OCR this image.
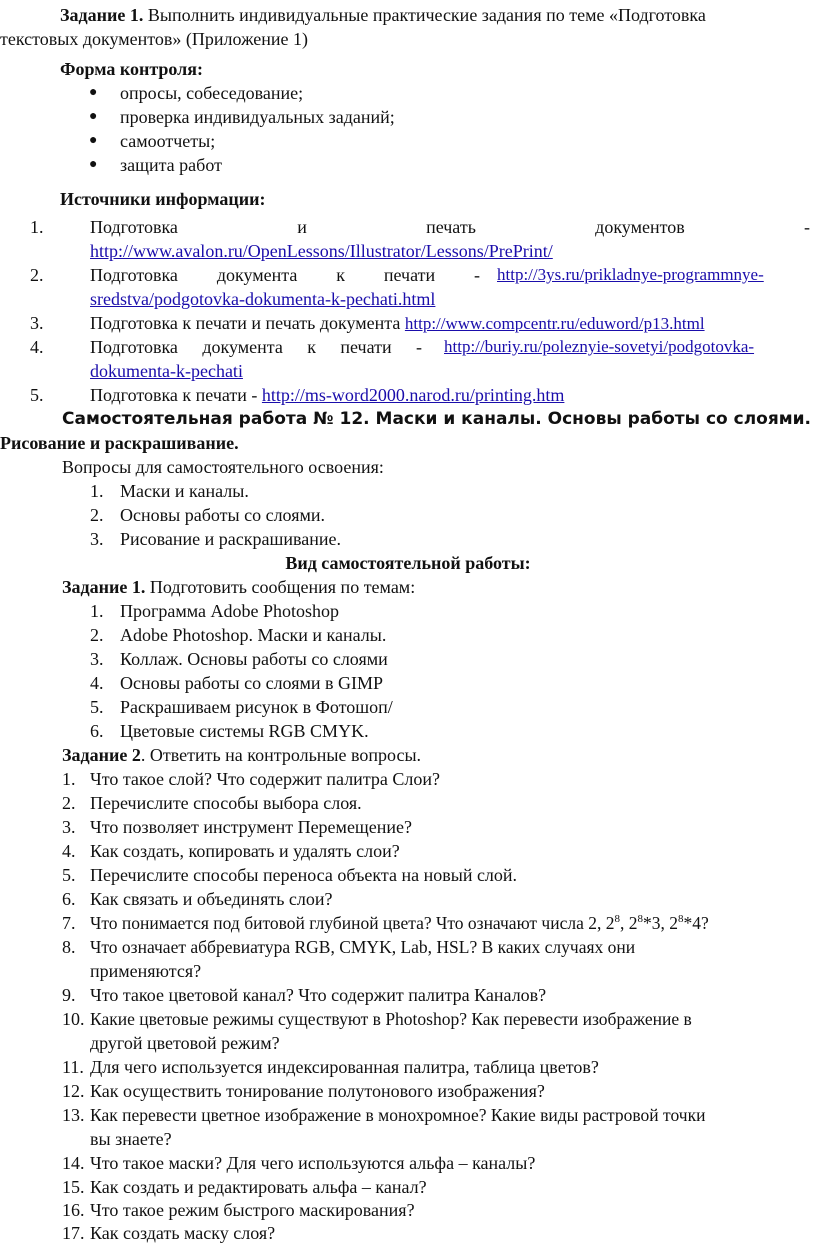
Задание 1. Выполнить индивидуальные практические задания по теме «Подготовка
текстовых документов» (Приложение 1)
Форма контроля:
● опросы, собеседование;
● проверка индивидуальных заданий;
● самоотчеты;
● защита работ
Источники информации:
1.	Подготовка	и	печать	документов	-
http://www.avalon.ru/OpenLessons/Illustrator/Lessons/PrePrint/
2.	Подготовка документа к печати - http://3ys.ru/prikladnye-programmnye-
sredstva/podgotovka-dokumenta-k-pechati.html
3.	Подготовка к печати и печать документа http://www.compcentr.ru/eduword/p13.html
4.	Подготовка документа к печати - http://buriy.ru/poleznyie-sovetyi/podgotovka-
dokumenta-k-pechati
5.	Подготовка к печати - http://ms-word2000.narod.ru/printing.htm
Самостоятельная работа № 12. Маски и каналы. Основы работы со слоями.
Рисование и раскрашивание.
Вопросы для самостоятельного освоения:
1. Маски и каналы.
2. Основы работы со слоями.
3. Рисование и раскрашивание.
Вид самостоятельной работы:
Задание 1. Подготовить сообщения по темам:
1. Программа Adobe Photoshop
2. Adobe Photoshop. Маски и каналы.
3. Коллаж. Основы работы со слоями
4. Основы работы со слоями в GIMP
5. Раскрашиваем рисунок в Фотошоп/
6. Цветовые системы RGB CMYK.
Задание 2. Ответить на контрольные вопросы.
1. Что такое слой? Что содержит палитра Слои?
2. Перечислите способы выбора слоя.
3. Что позволяет инструмент Перемещение?
4. Как создать, копировать и удалять слои?
5. Перечислите способы переноса объекта на новый слой.
6. Как связать и объединять слои?
7. Что понимается под битовой глубиной цвета? Что означают числа 2, $2^8$, $2^8*3$, $2^8*4$?
8. Что означает аббревиатура RGB, CMYK, Lab, HSL? В каких случаях они
применяются?
9. Что такое цветовой канал? Что содержит палитра Каналов?
10. Какие цветовые режимы существуют в Photoshop? Как перевести изображение в
другой цветовой режим?
11. Для чего используется индексированная палитра, таблица цветов?
12. Как осуществить тонирование полутонового изображения?
13. Как перевести цветное изображение в монохромное? Какие виды растровой точки
вы знаете?
14. Что такое маски? Для чего используются альфа – каналы?
15. Как создать и редактировать альфа – канал?
16. Что такое режим быстрого маскирования?
17. Как создать маску слоя?
